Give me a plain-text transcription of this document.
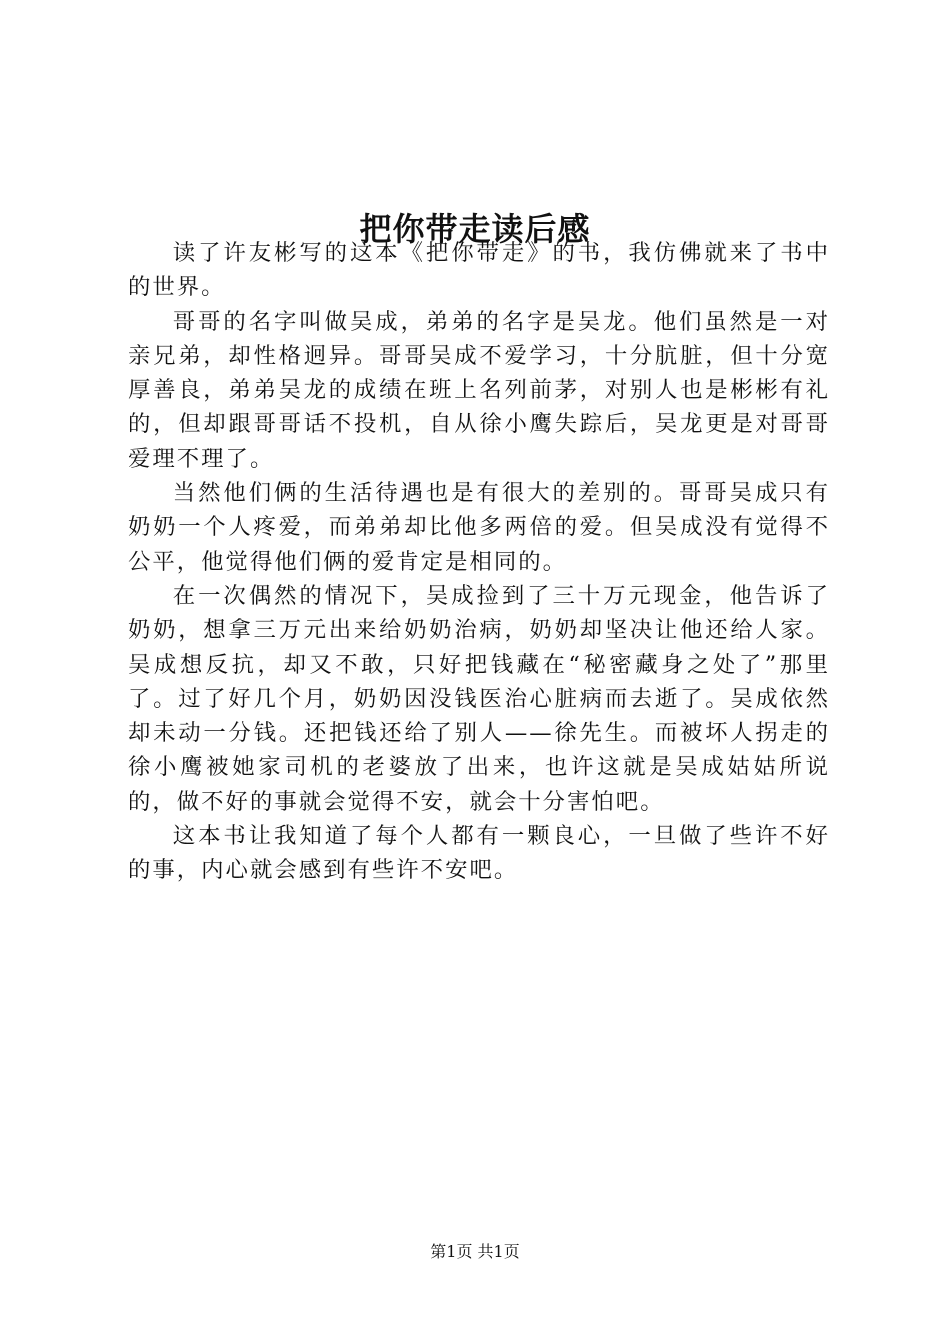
把你带走读后感

读了许友彬写的这本《把你带走》的书，我仿佛就来了书中的世界。

哥哥的名字叫做吴成，弟弟的名字是吴龙。他们虽然是一对亲兄弟，却性格迥异。哥哥吴成不爱学习，十分肮脏，但十分宽厚善良，弟弟吴龙的成绩在班上名列前茅，对别人也是彬彬有礼的，但却跟哥哥话不投机，自从徐小鹰失踪后，吴龙更是对哥哥爱理不理了。

当然他们俩的生活待遇也是有很大的差别的。哥哥吴成只有奶奶一个人疼爱，而弟弟却比他多两倍的爱。但吴成没有觉得不公平，他觉得他们俩的爱肯定是相同的。

在一次偶然的情况下，吴成捡到了三十万元现金，他告诉了奶奶，想拿三万元出来给奶奶治病，奶奶却坚决让他还给人家。吴成想反抗，却又不敢，只好把钱藏在“秘密藏身之处了”那里了。过了好几个月，奶奶因没钱医治心脏病而去逝了。吴成依然却未动一分钱。还把钱还给了别人——徐先生。而被坏人拐走的徐小鹰被她家司机的老婆放了出来，也许这就是吴成姑姑所说的，做不好的事就会觉得不安，就会十分害怕吧。

这本书让我知道了每个人都有一颗良心，一旦做了些许不好的事，内心就会感到有些许不安吧。

第1页 共1页
